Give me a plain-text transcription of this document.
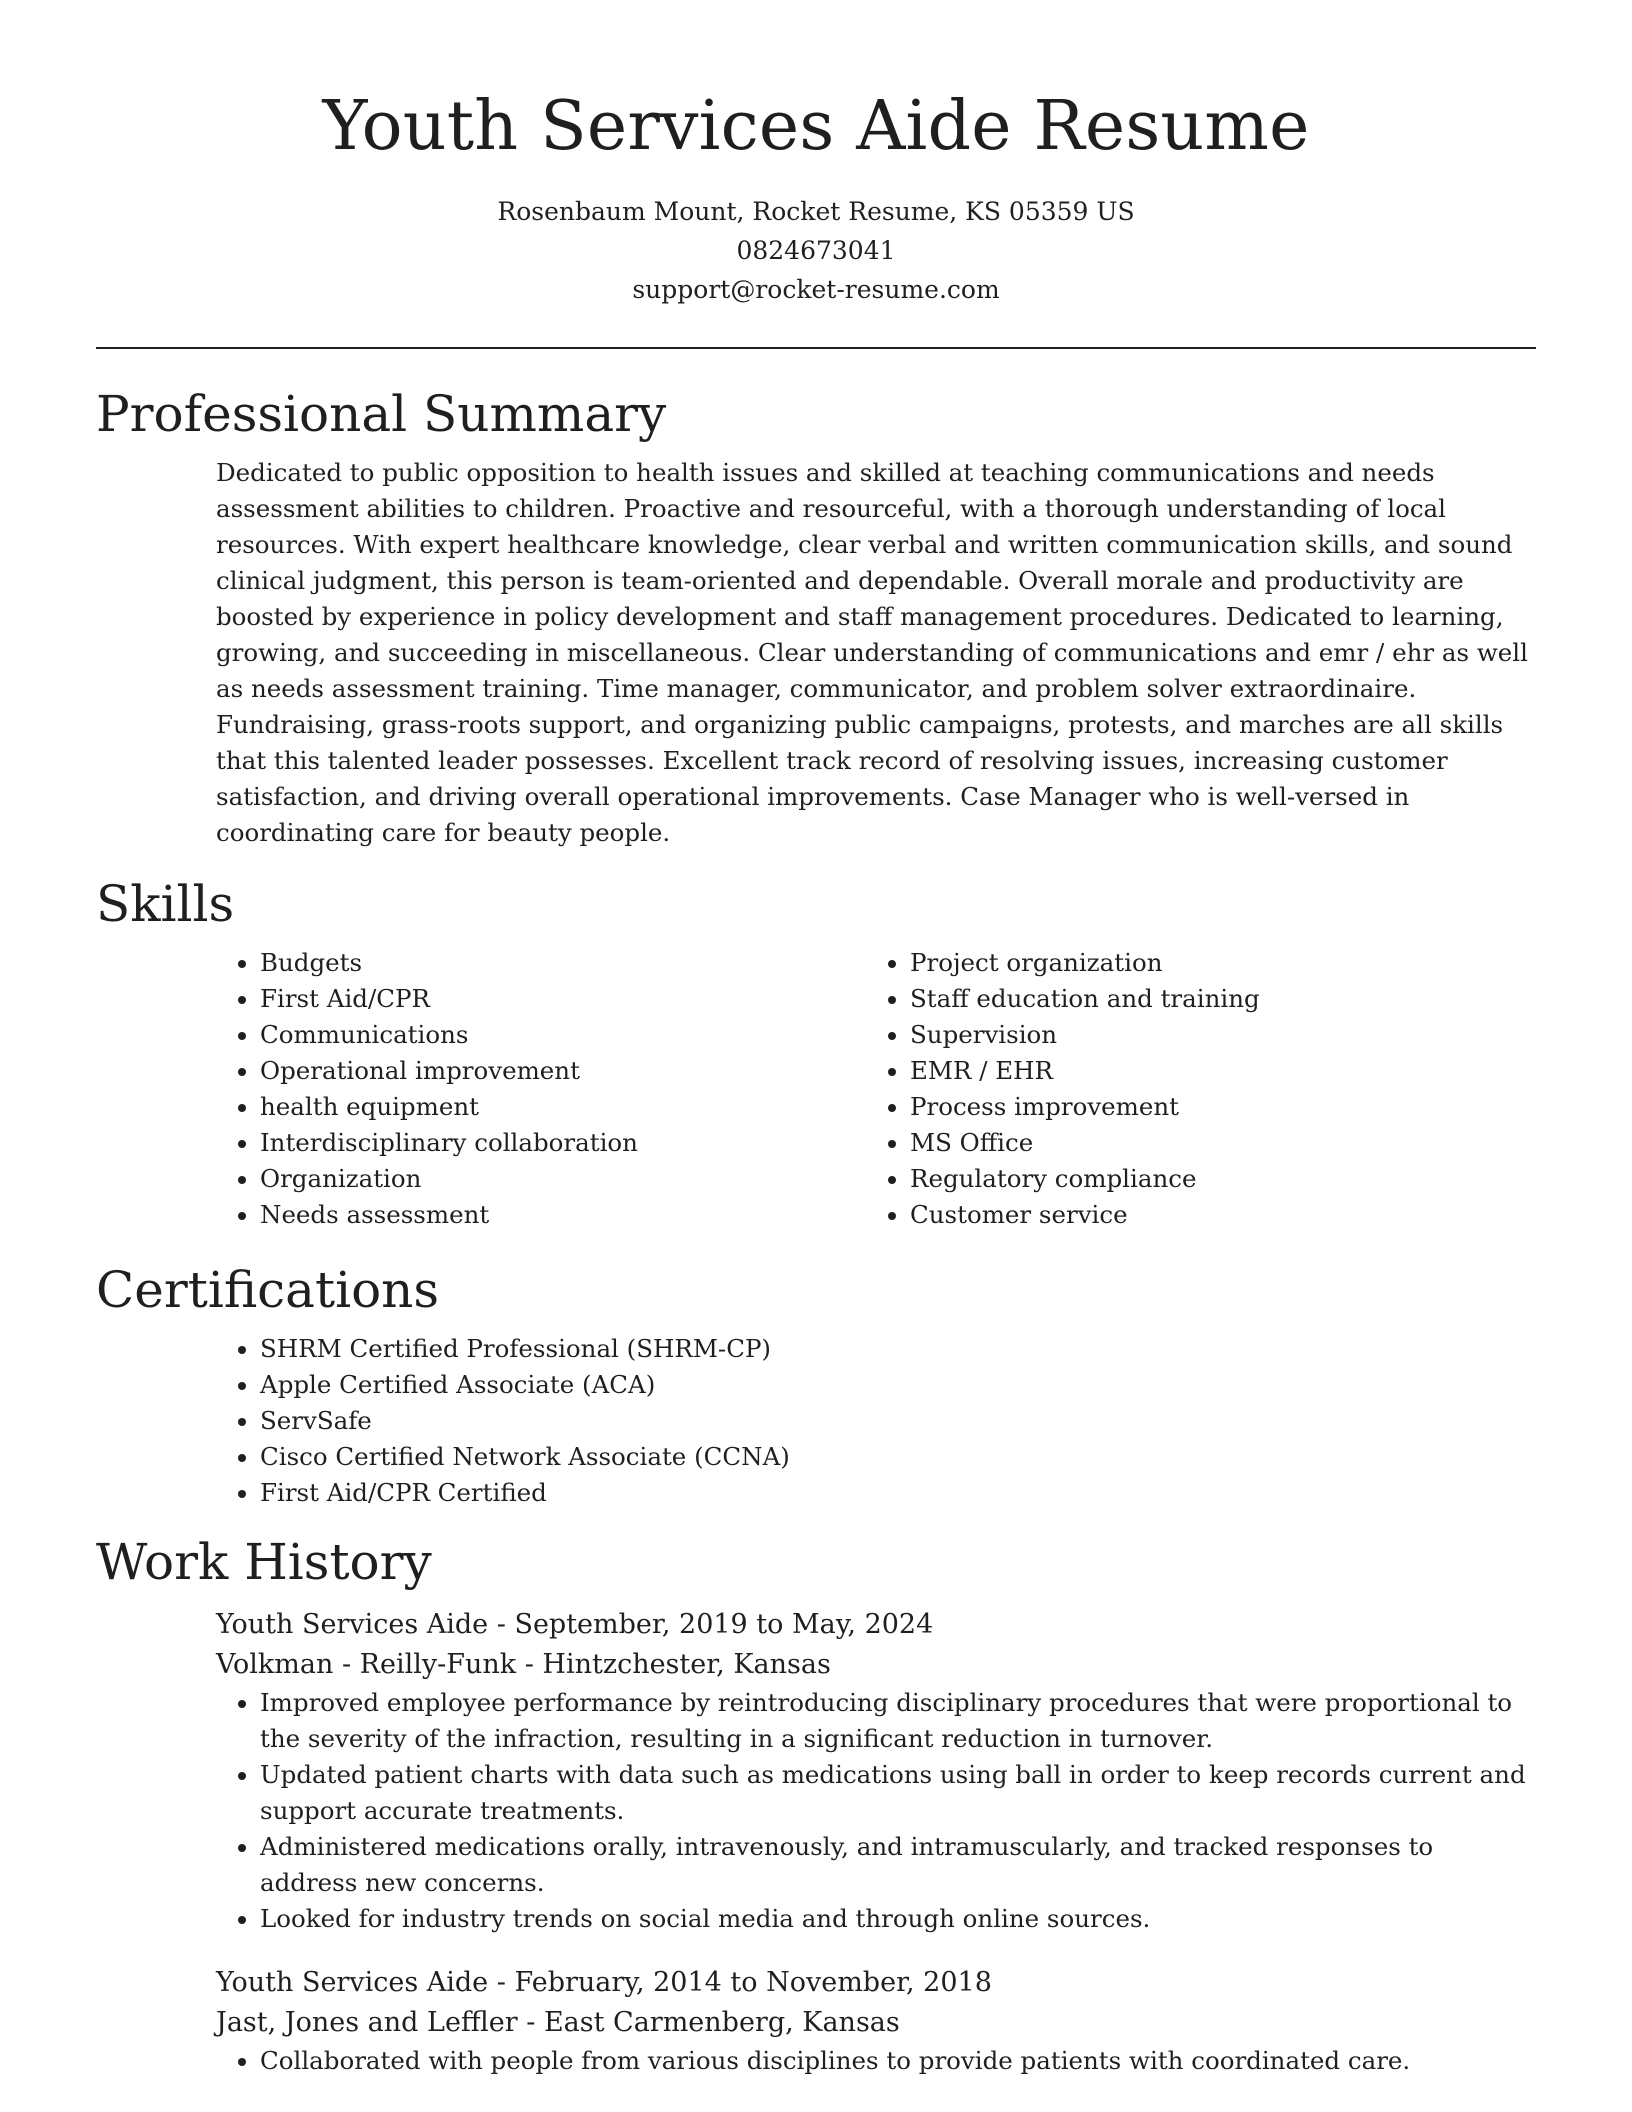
Youth Services Aide Resume
Rosenbaum Mount, Rocket Resume, KS 05359 US
0824673041
support@rocket-resume.com
Professional Summary

Dedicated to public opposition to health issues and skilled at teaching communications and needs assessment abilities to children. Proactive and resourceful, with a thorough understanding of local resources. With expert healthcare knowledge, clear verbal and written communication skills, and sound clinical judgment, this person is team-oriented and dependable. Overall morale and productivity are boosted by experience in policy development and staff management procedures. Dedicated to learning, growing, and succeeding in miscellaneous. Clear understanding of communications and emr / ehr as well as needs assessment training. Time manager, communicator, and problem solver extraordinaire. Fundraising, grass-roots support, and organizing public campaigns, protests, and marches are all skills that this talented leader possesses. Excellent track record of resolving issues, increasing customer satisfaction, and driving overall operational improvements. Case Manager who is well-versed in coordinating care for beauty people.

Skills
• Budgets
• First Aid/CPR
• Communications
• Operational improvement
• health equipment
• Interdisciplinary collaboration
• Organization
• Needs assessment
• Project organization
• Staff education and training
• Supervision
• EMR / EHR
• Process improvement
• MS Office
• Regulatory compliance
• Customer service
Certifications
• SHRM Certified Professional (SHRM-CP)
• Apple Certified Associate (ACA)
• ServSafe
• Cisco Certified Network Associate (CCNA)
• First Aid/CPR Certified
Work History
Youth Services Aide - September, 2019 to May, 2024
Volkman - Reilly-Funk - Hintzchester, Kansas
• Improved employee performance by reintroducing disciplinary procedures that were proportional to the severity of the infraction, resulting in a significant reduction in turnover.
• Updated patient charts with data such as medications using ball in order to keep records current and support accurate treatments.
• Administered medications orally, intravenously, and intramuscularly, and tracked responses to address new concerns.
• Looked for industry trends on social media and through online sources.
Youth Services Aide - February, 2014 to November, 2018
Jast, Jones and Leffler - East Carmenberg, Kansas
• Collaborated with people from various disciplines to provide patients with coordinated care.
